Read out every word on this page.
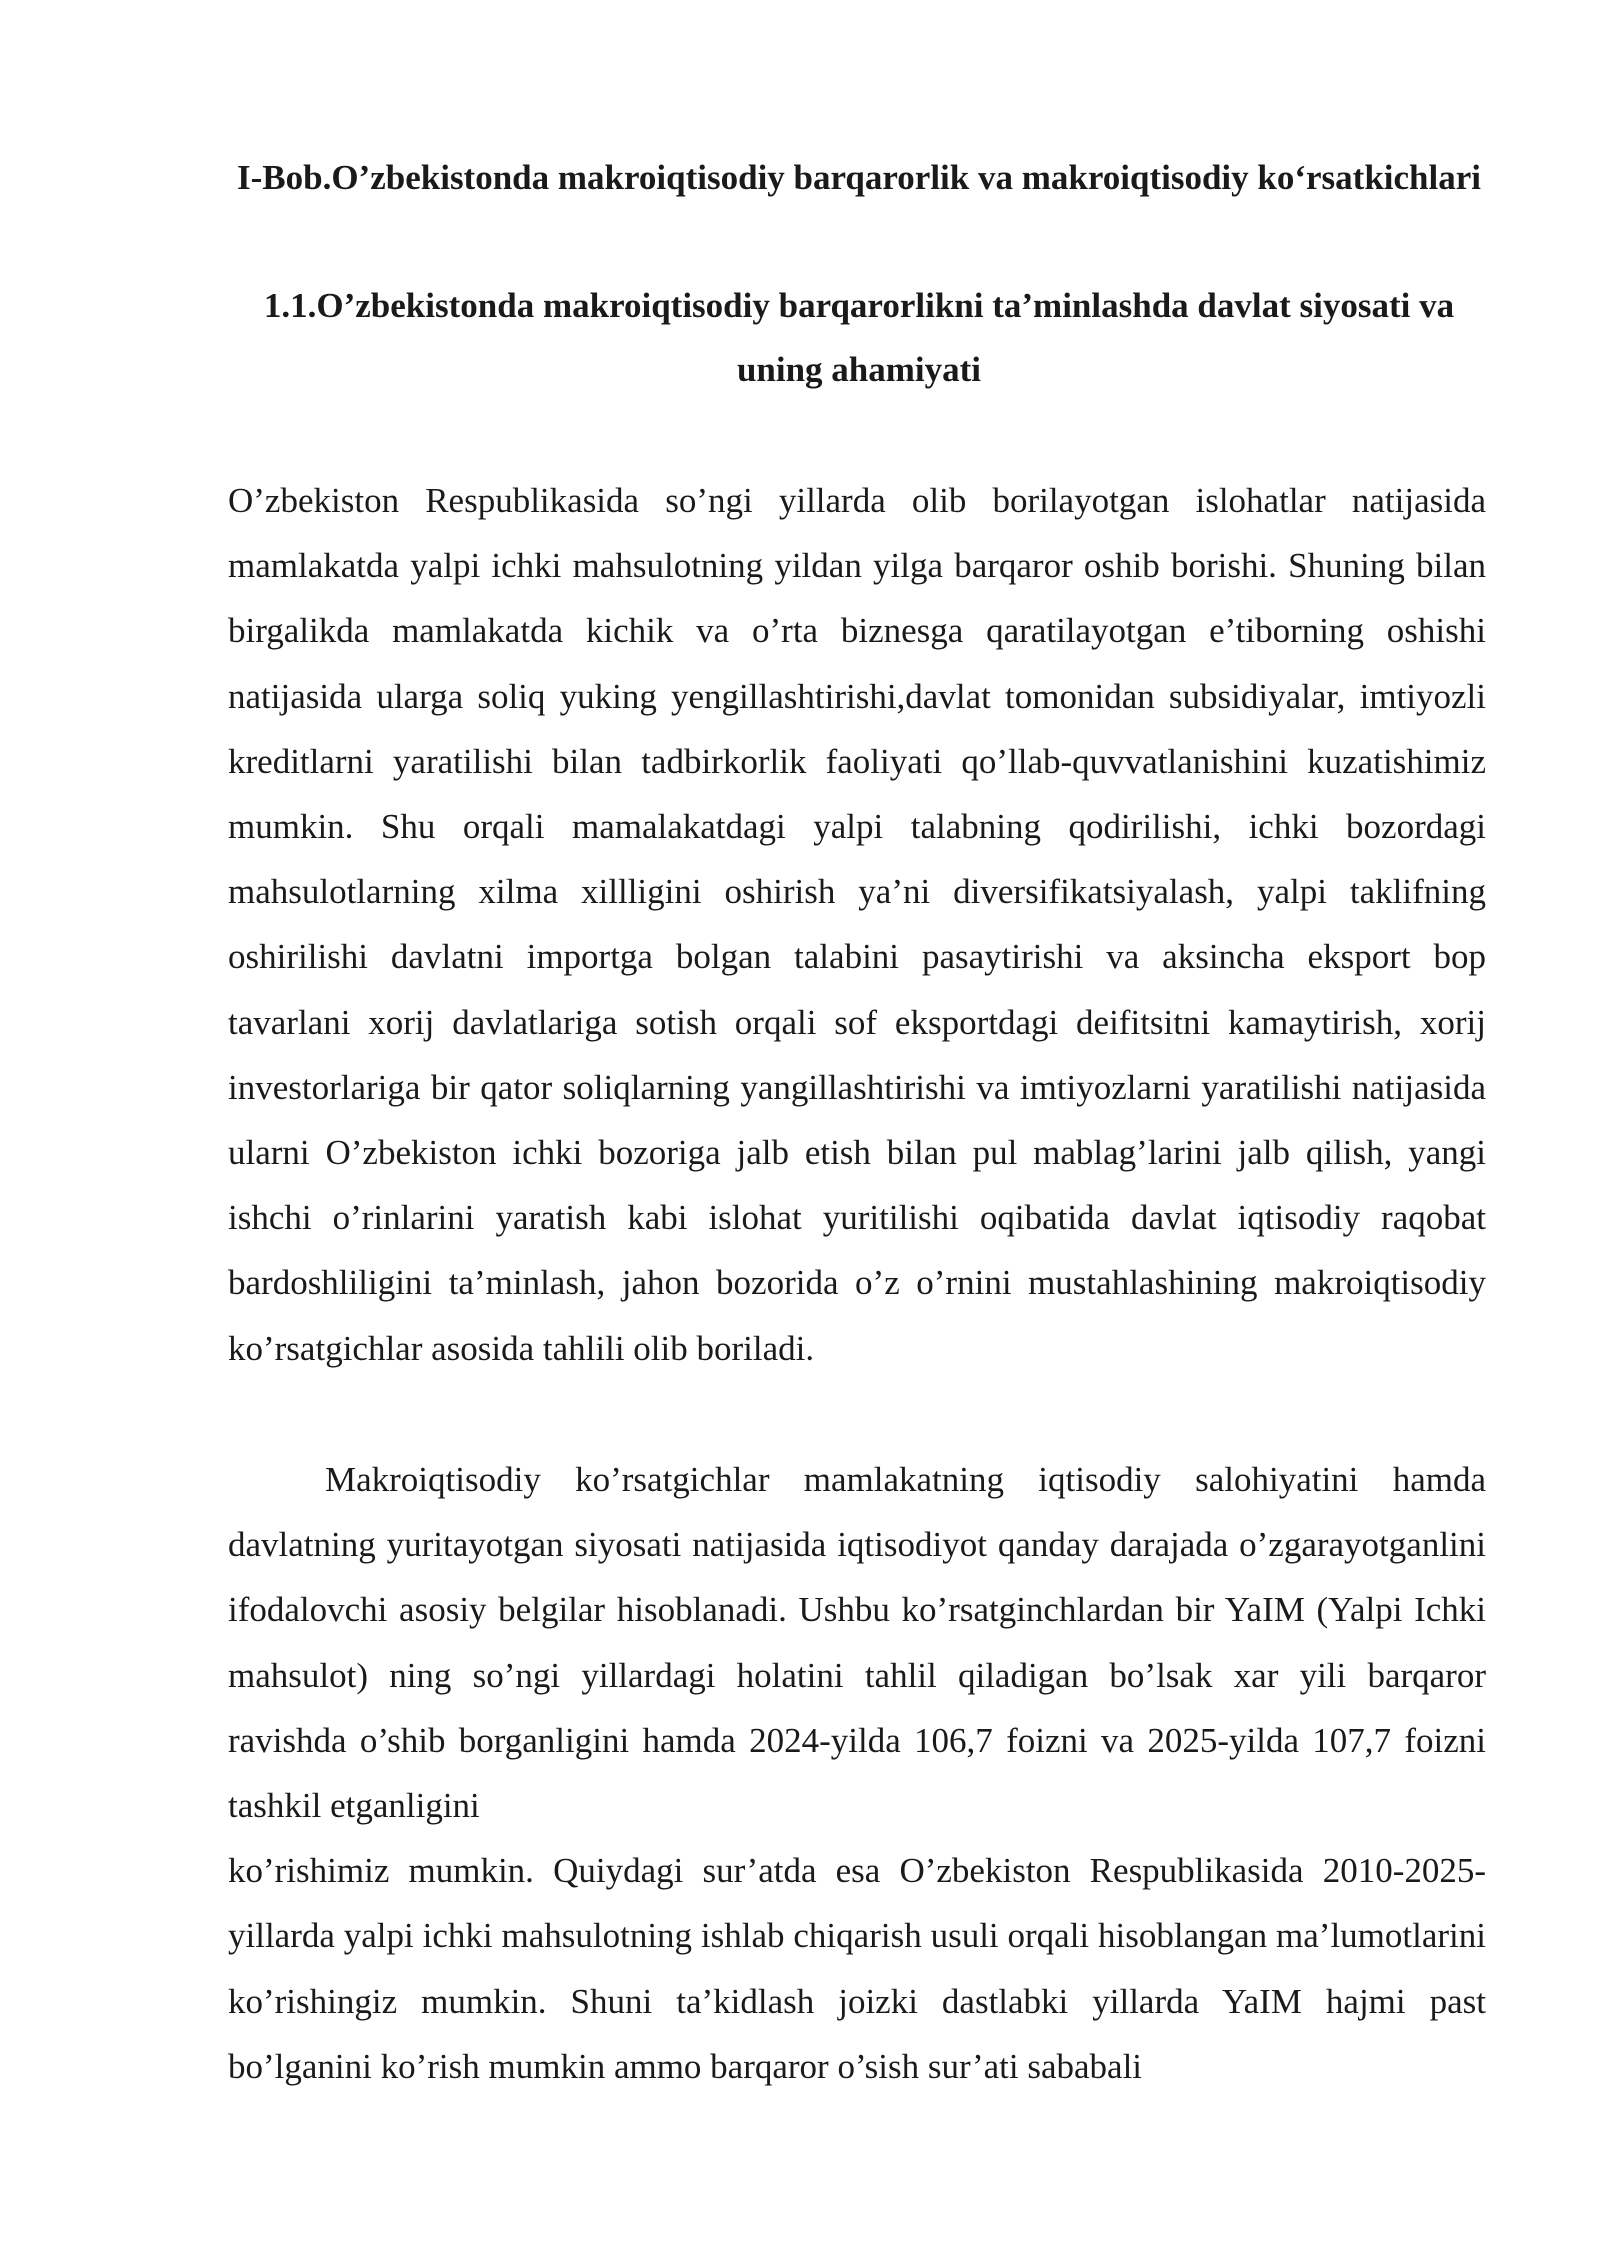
I-Bob.O’zbekistonda makroiqtisodiy barqarorlik va makroiqtisodiy ko‘rsatkichlari
1.1.O’zbekistonda makroiqtisodiy barqarorlikni ta’minlashda davlat siyosati va uning ahamiyati

O’zbekiston Respublikasida so’ngi yillarda olib borilayotgan islohatlar natijasida mamlakatda yalpi ichki mahsulotning yildan yilga barqaror oshib borishi. Shuning bilan birgalikda mamlakatda kichik va o’rta biznesga qaratilayotgan e’tiborning oshishi natijasida ularga soliq yuking yengillashtirishi,davlat tomonidan subsidiyalar, imtiyozli kreditlarni yaratilishi bilan tadbirkorlik faoliyati qo’llab-quvvatlanishini kuzatishimiz mumkin. Shu orqali mamalakatdagi yalpi talabning qodirilishi, ichki bozordagi mahsulotlarning xilma xillligini oshirish ya’ni diversifikatsiyalash, yalpi taklifning oshirilishi davlatni importga bolgan talabini pasaytirishi va aksincha eksport bop tavarlani xorij davlatlariga sotish orqali sof eksportdagi deifitsitni kamaytirish, xorij investorlariga bir qator soliqlarning yangillashtirishi va imtiyozlarni yaratilishi natijasida ularni O’zbekiston ichki bozoriga jalb etish bilan pul mablag’larini jalb qilish, yangi ishchi o’rinlarini yaratish kabi islohat yuritilishi oqibatida davlat iqtisodiy raqobat bardoshliligini ta’minlash, jahon bozorida o’z o’rnini mustahlashining makroiqtisodiy ko’rsatgichlar asosida tahlili olib boriladi.

Makroiqtisodiy ko’rsatgichlar mamlakatning iqtisodiy salohiyatini hamda davlatning yuritayotgan siyosati natijasida iqtisodiyot qanday darajada o’zgarayotganlini ifodalovchi asosiy belgilar hisoblanadi. Ushbu ko’rsatginchlardan bir YaIM (Yalpi Ichki mahsulot) ning so’ngi yillardagi holatini tahlil qiladigan bo’lsak xar yili barqaror ravishda o’shib borganligini hamda 2024-yilda 106,7 foizni va 2025-yilda 107,7 foizni tashkil etganligini
ko’rishimiz mumkin. Quiydagi sur’atda esa O’zbekiston Respublikasida 2010-2025-yillarda yalpi ichki mahsulotning ishlab chiqarish usuli orqali hisoblangan ma’lumotlarini ko’rishingiz mumkin. Shuni ta’kidlash joizki dastlabki yillarda YaIM hajmi past bo’lganini ko’rish mumkin ammo barqaror o’sish sur’ati sababali
